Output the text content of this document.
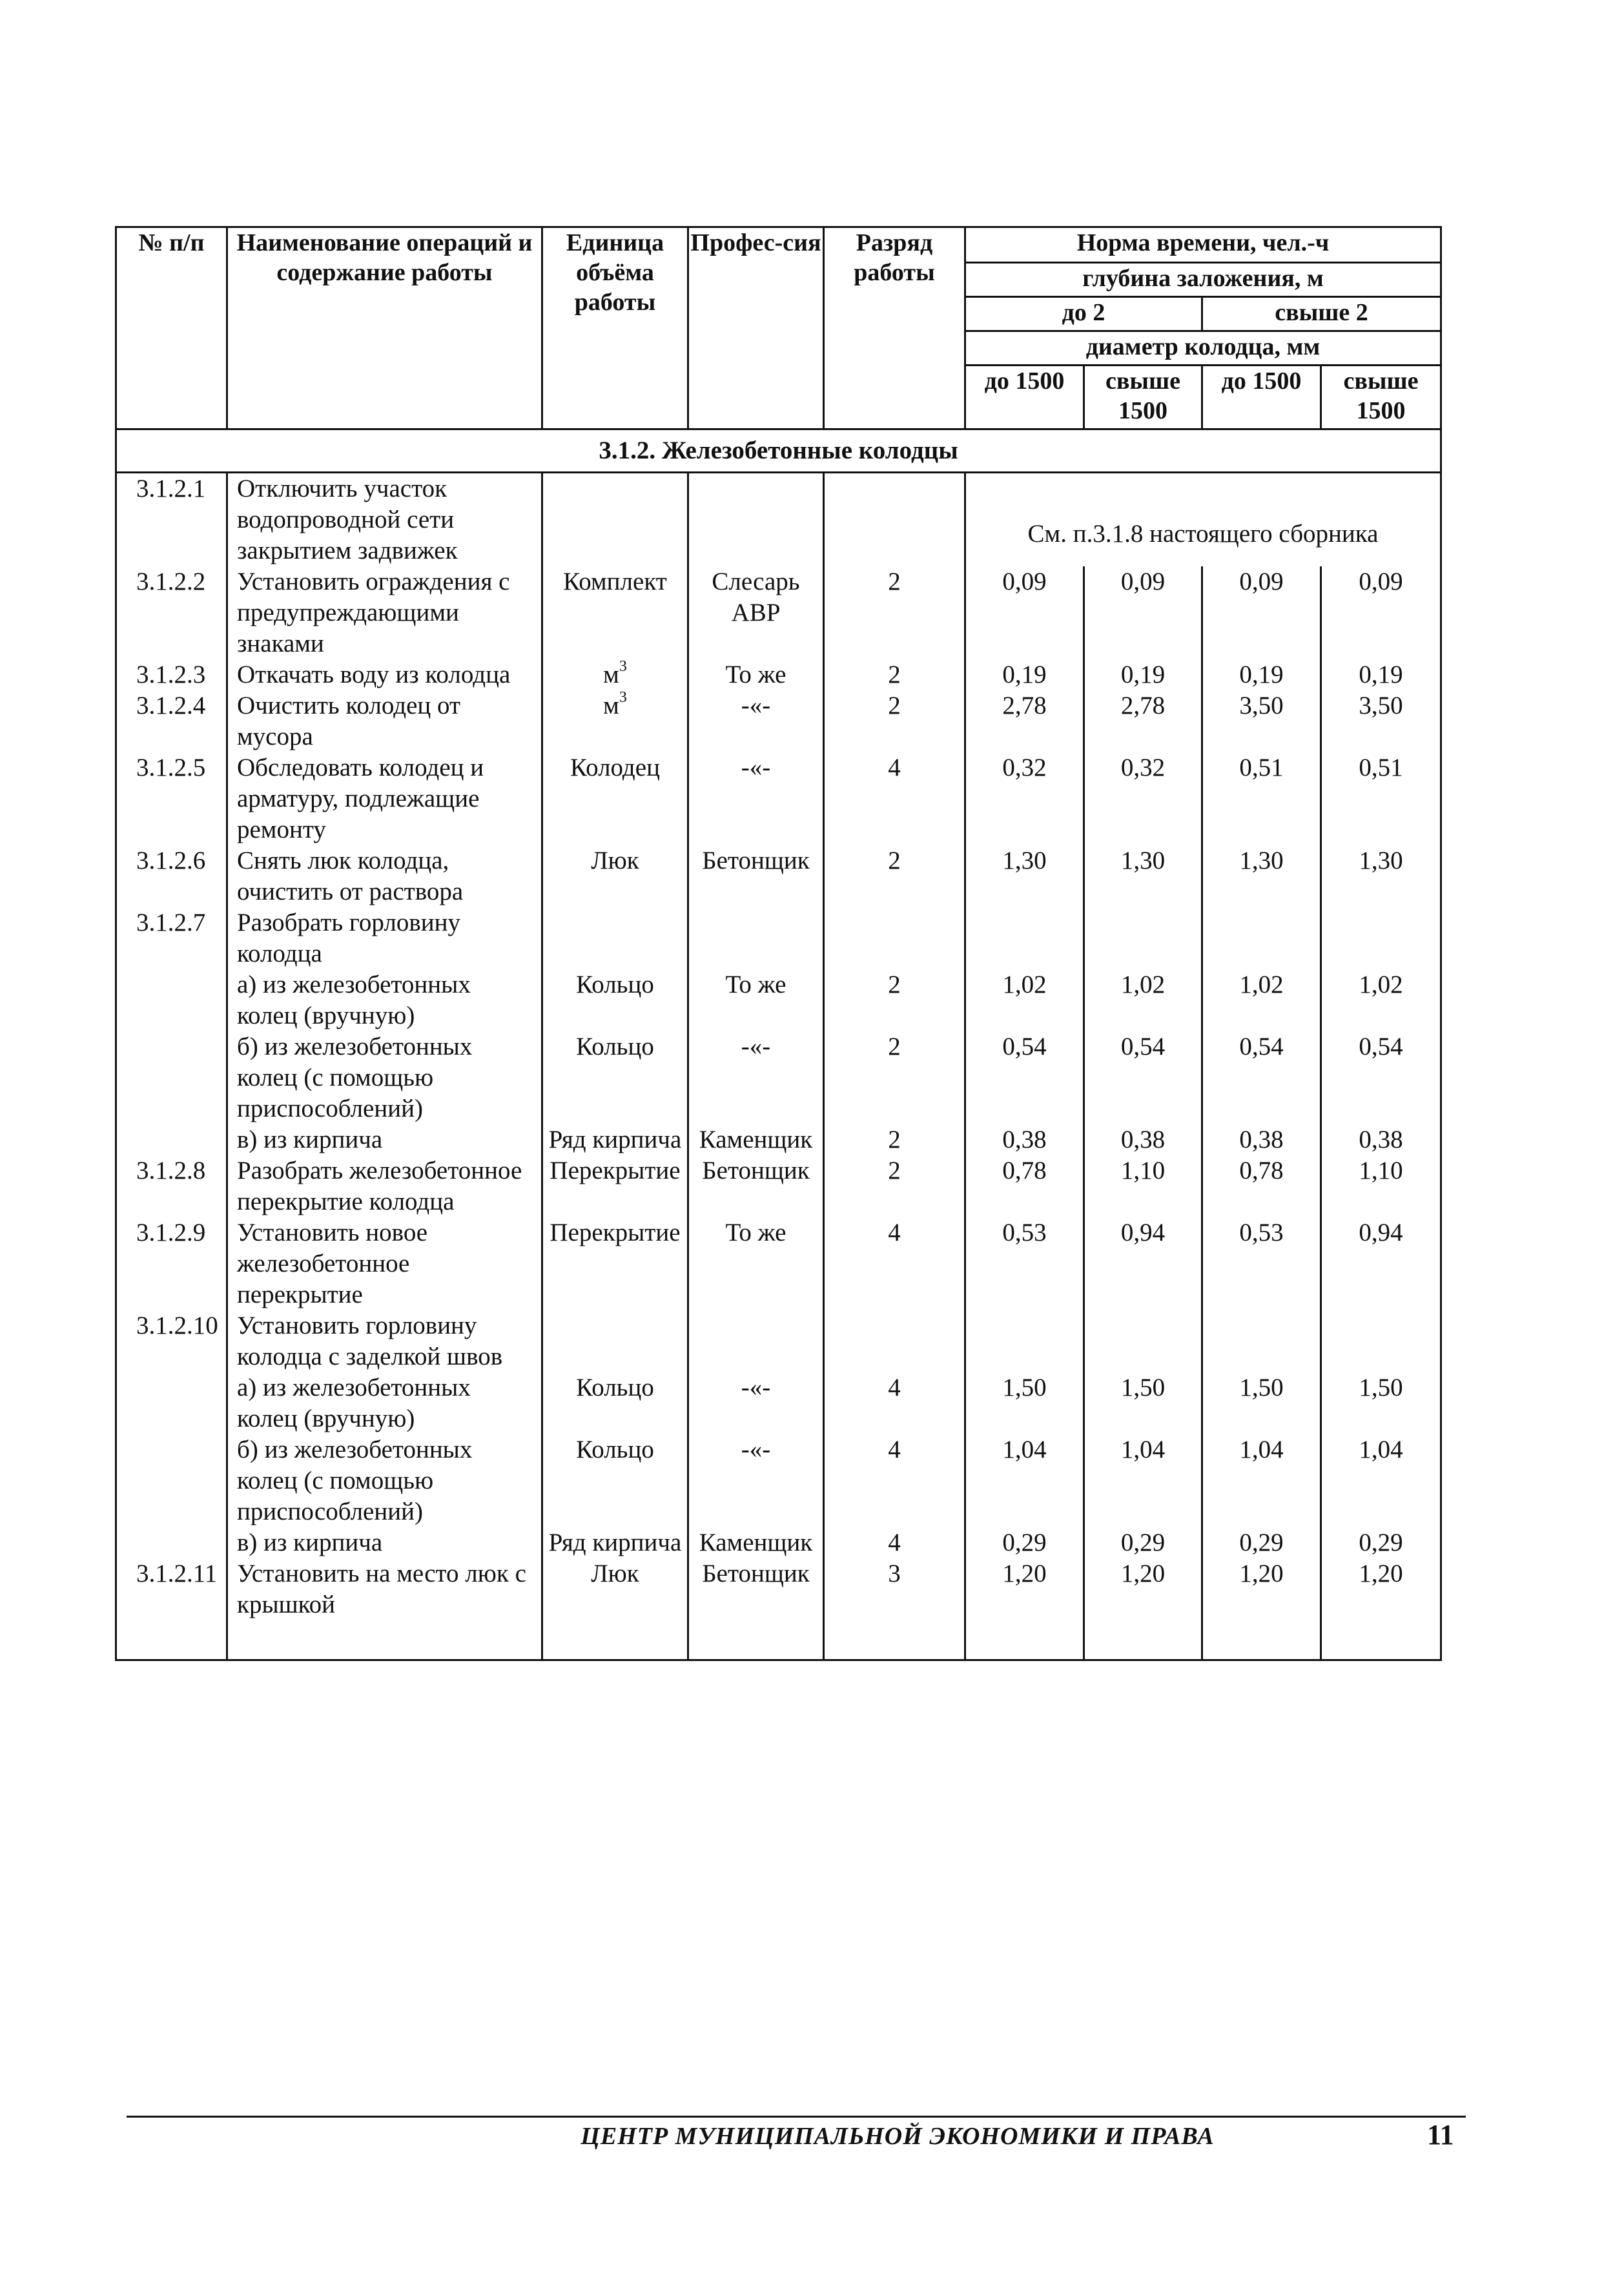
№ п/п	Наименование операций и содержание работы	Единица объёма работы	Профес-сия	Разряд работы	Норма времени, чел.-ч			
					глубина заложения, м			
					до 2		свыше 2	
					диаметр колодца, мм			
					до 1500	свыше 1500	до 1500	свыше 1500
3.1.2. Железобетонные колодцы								
3.1.2.1	Отключить участок водопроводной сети закрытием задвижек				См. п.3.1.8 настоящего сборника			
3.1.2.2	Установить ограждения с предупреждающими знаками	Комплект	Слесарь АВР	2	0,09	0,09	0,09	0,09
3.1.2.3	Откачать воду из колодца	$м^3$	То же	2	0,19	0,19	0,19	0,19
3.1.2.4	Очистить колодец от мусора	$м^3$	-«-	2	2,78	2,78	3,50	3,50
3.1.2.5	Обследовать колодец и арматуру, подлежащие ремонту	Колодец	-«-	4	0,32	0,32	0,51	0,51
3.1.2.6	Снять люк колодца, очистить от раствора	Люк	Бетонщик	2	1,30	1,30	1,30	1,30
3.1.2.7	Разобрать горловину колодца							
	а) из железобетонных колец (вручную)	Кольцо	То же	2	1,02	1,02	1,02	1,02
	б) из железобетонных колец (с помощью приспособлений)	Кольцо	-«-	2	0,54	0,54	0,54	0,54
	в) из кирпича	Ряд кирпича	Каменщик	2	0,38	0,38	0,38	0,38
3.1.2.8	Разобрать железобетонное перекрытие колодца	Перекрытие	Бетонщик	2	0,78	1,10	0,78	1,10
3.1.2.9	Установить новое железобетонное перекрытие	Перекрытие	То же	4	0,53	0,94	0,53	0,94
3.1.2.10	Установить горловину колодца с заделкой швов							
	а) из железобетонных колец (вручную)	Кольцо	-«-	4	1,50	1,50	1,50	1,50
	б) из железобетонных колец (с помощью приспособлений)	Кольцо	-«-	4	1,04	1,04	1,04	1,04
	в) из кирпича	Ряд кирпича	Каменщик	4	0,29	0,29	0,29	0,29
3.1.2.11	Установить на место люк с крышкой	Люк	Бетонщик	3	1,20	1,20	1,20	1,20
ЦЕНТР МУНИЦИПАЛЬНОЙ ЭКОНОМИКИ И ПРАВА	11
